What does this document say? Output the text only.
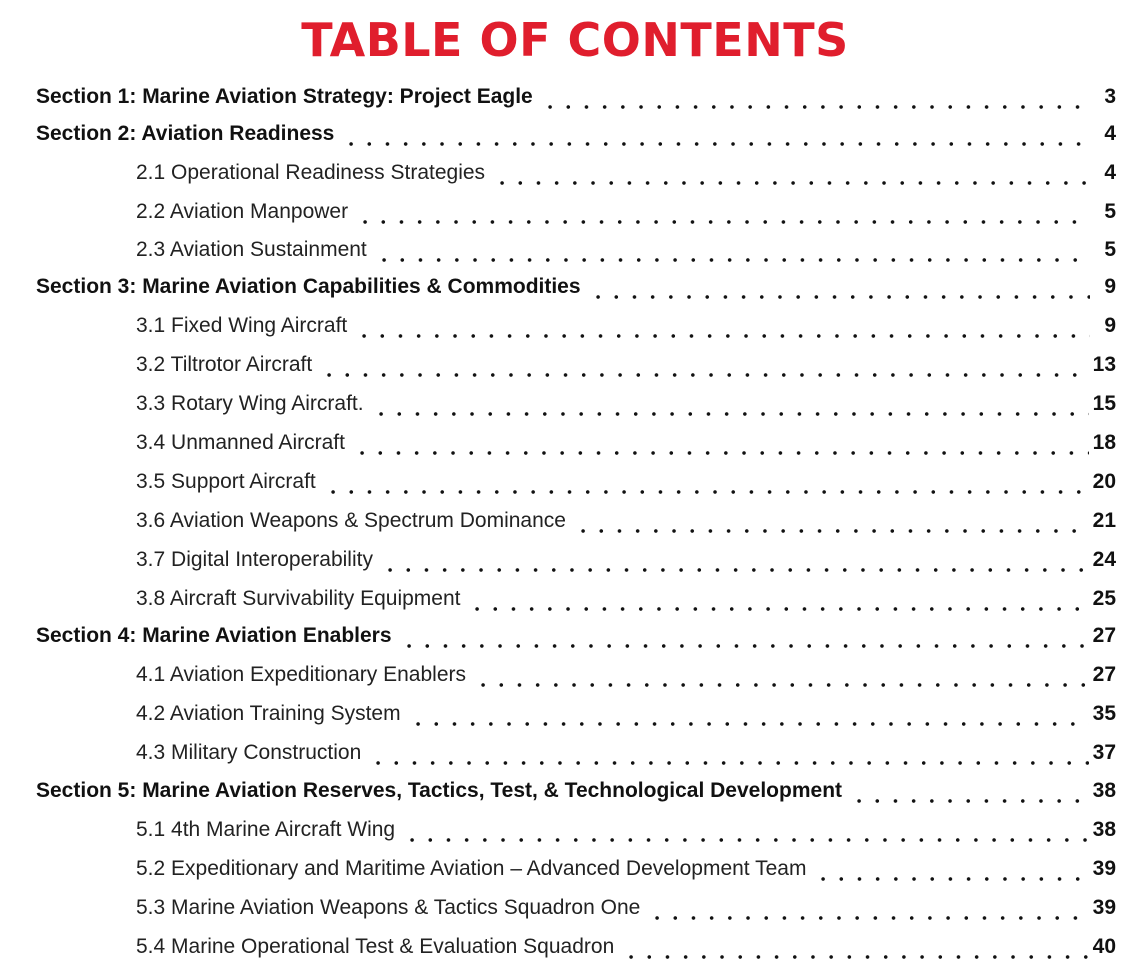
TABLE OF CONTENTS
Section 1: Marine Aviation Strategy: Project Eagle	3
Section 2: Aviation Readiness	4
2.1 Operational Readiness Strategies	4
2.2 Aviation Manpower	5
2.3 Aviation Sustainment	5
Section 3: Marine Aviation Capabilities & Commodities	9
3.1 Fixed Wing Aircraft	9
3.2 Tiltrotor Aircraft	13
3.3 Rotary Wing Aircraft.	15
3.4 Unmanned Aircraft	18
3.5 Support Aircraft	20
3.6 Aviation Weapons & Spectrum Dominance	21
3.7 Digital Interoperability	24
3.8 Aircraft Survivability Equipment	25
Section 4: Marine Aviation Enablers	27
4.1 Aviation Expeditionary Enablers	27
4.2 Aviation Training System	35
4.3 Military Construction	37
Section 5: Marine Aviation Reserves, Tactics, Test, & Technological Development	38
5.1 4th Marine Aircraft Wing	38
5.2 Expeditionary and Maritime Aviation – Advanced Development Team	39
5.3 Marine Aviation Weapons & Tactics Squadron One	39
5.4 Marine Operational Test & Evaluation Squadron	40
